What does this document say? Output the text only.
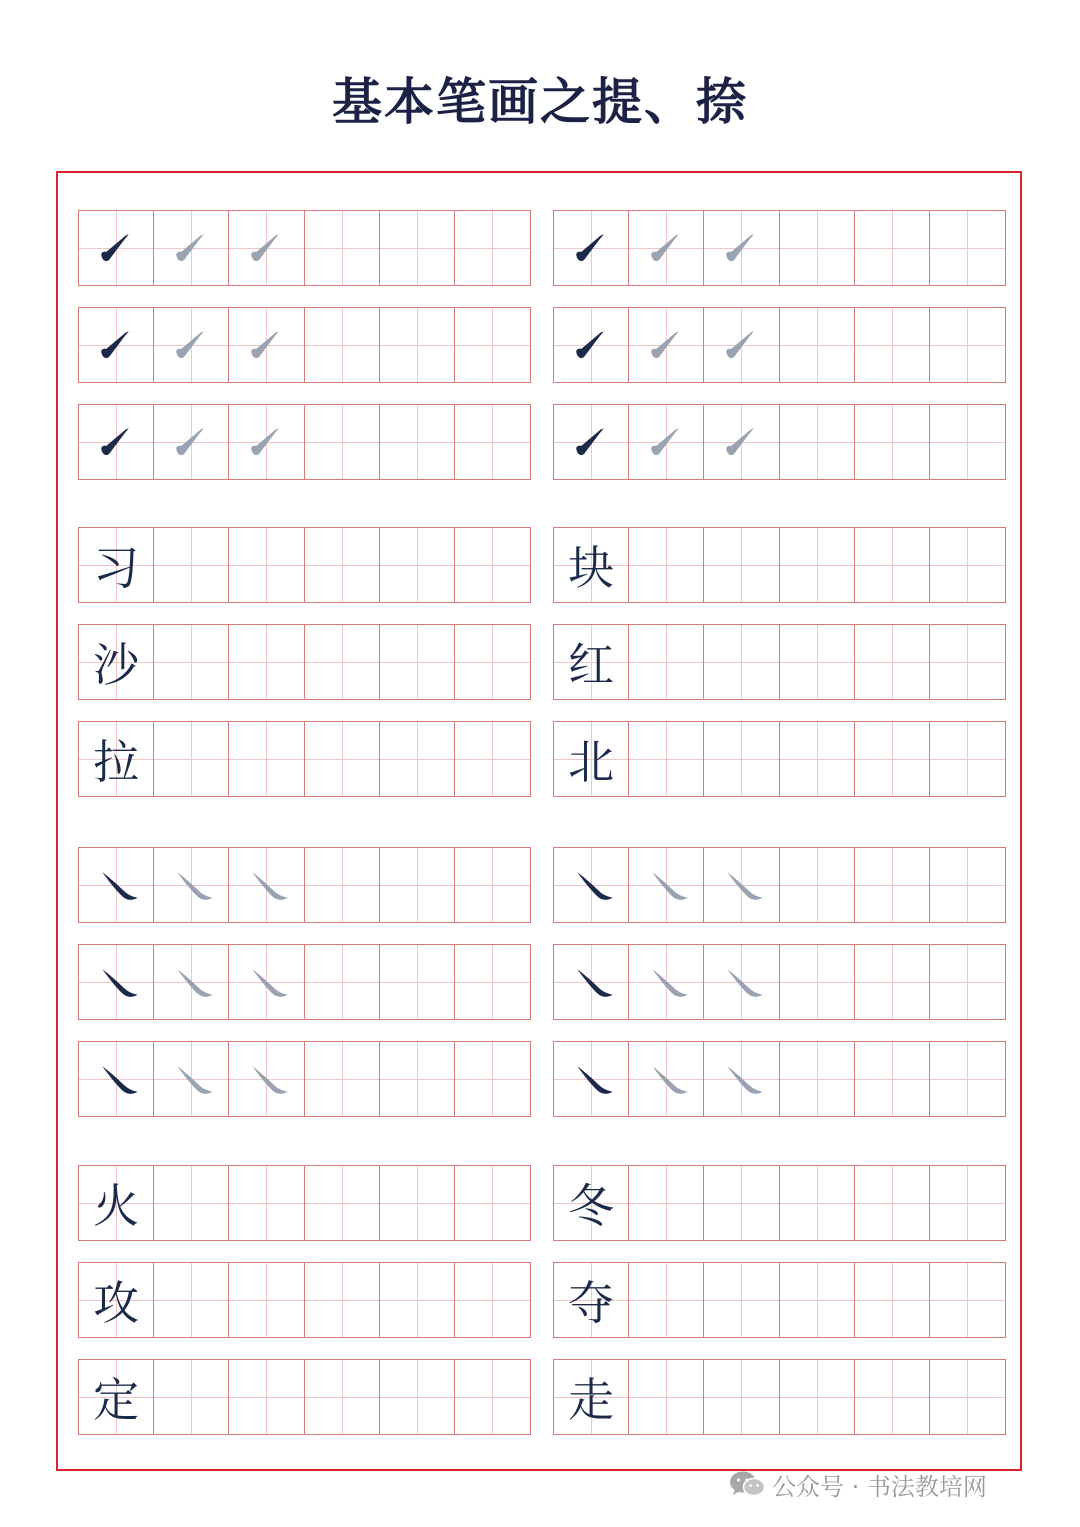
基本笔画之提、捺
习	块
沙	红
拉	北
火	冬
攻	夺
定	走
公众号 · 书法教培网
